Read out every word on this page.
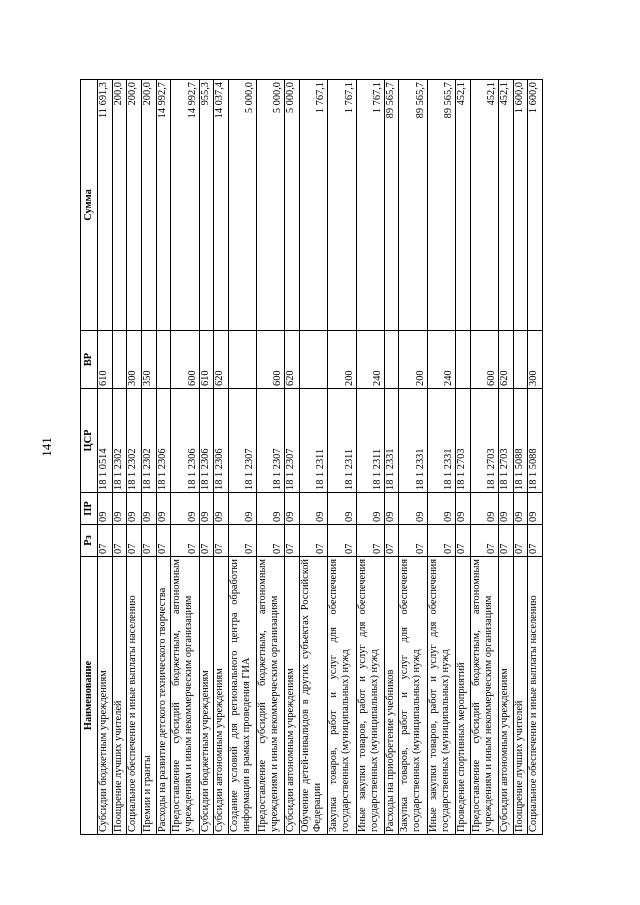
141
Наименование	Рз	ПР	ЦСР	ВР	Сумма
Субсидии бюджетным учреждениям	07	09	18 1 0514	610	11 691,3
Поощрение лучших учителей	07	09	18 1 2302		200,0
Социальное обеспечение и иные выплаты населению	07	09	18 1 2302	300	200,0
Премии и гранты	07	09	18 1 2302	350	200,0
Расходы на развитие детского технического творчества	07	09	18 1 2306		14 992,7
Предоставление субсидий бюджетным, автономным учреждениям и иным некоммерческим организациям	07	09	18 1 2306	600	14 992,7
Субсидии бюджетным учреждениям	07	09	18 1 2306	610	955,3
Субсидии автономным учреждениям	07	09	18 1 2306	620	14 037,4
Создание условий для регионального центра обработки информации в рамках проведения ГИА	07	09	18 1 2307		5 000,0
Предоставление субсидий бюджетным, автономным учреждениям и иным некоммерческим организациям	07	09	18 1 2307	600	5 000,0
Субсидии автономным учреждениям	07	09	18 1 2307	620	5 000,0
Обучение детей-инвалидов в других субъектах Российской Федерации	07	09	18 1 2311		1 767,1
Закупка товаров, работ и услуг для обеспечения государственных (муниципальных) нужд	07	09	18 1 2311	200	1 767,1
Иные закупки товаров, работ и услуг для обеспечения государственных (муниципальных) нужд	07	09	18 1 2311	240	1 767,1
Расходы на приобретение учебников	07	09	18 1 2331		89 565,7
Закупка товаров, работ и услуг для обеспечения государственных (муниципальных) нужд	07	09	18 1 2331	200	89 565,7
Иные закупки товаров, работ и услуг для обеспечения государственных (муниципальных) нужд	07	09	18 1 2331	240	89 565,7
Проведение спортивных мероприятий	07	09	18 1 2703		452,1
Предоставление субсидий бюджетным, автономным учреждениям и иным некоммерческим организациям	07	09	18 1 2703	600	452,1
Субсидии автономным учреждениям	07	09	18 1 2703	620	452,1
Поощрение лучших учителей	07	09	18 1 5088		1 600,0
Социальное обеспечение и иные выплаты населению	07	09	18 1 5088	300	1 600,0
